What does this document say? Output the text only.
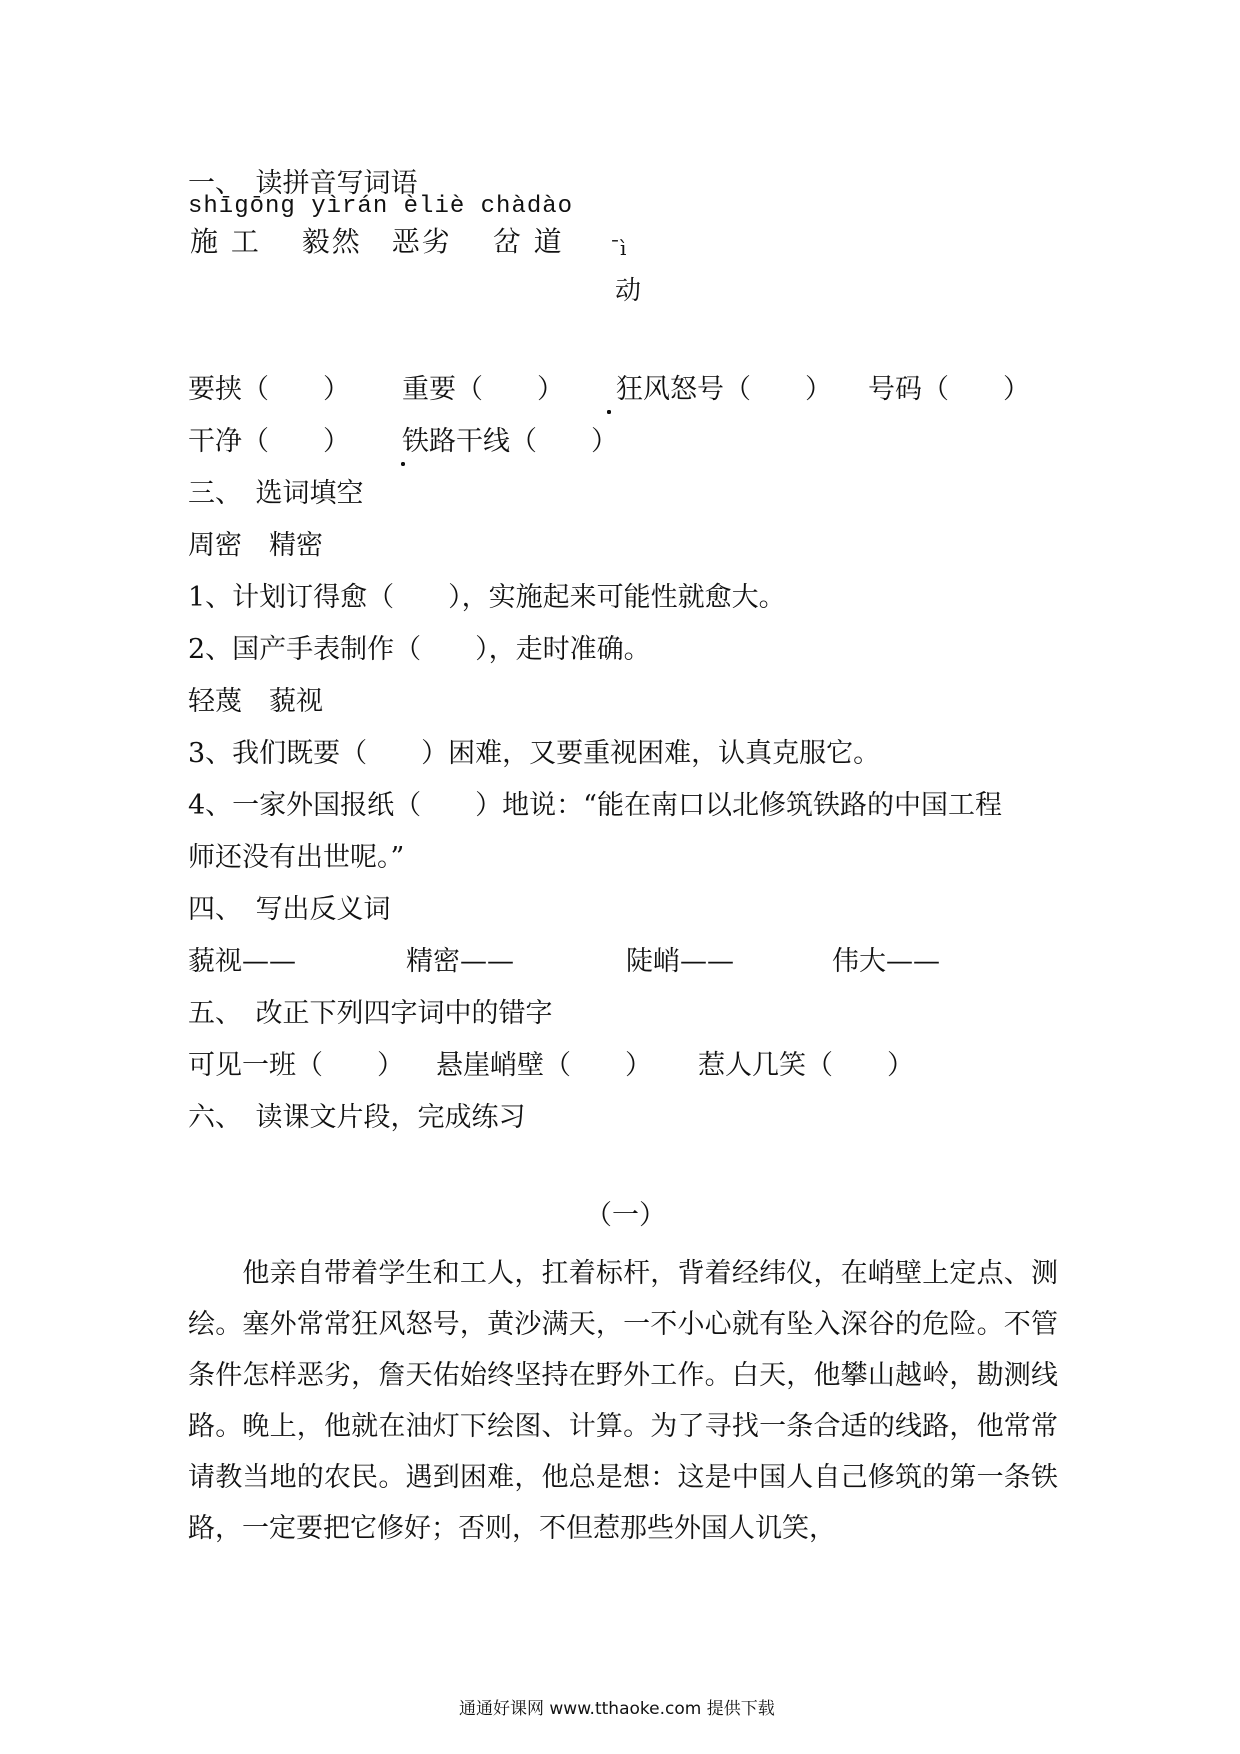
一、　读拼音写词语
shīgōng yìrán èliè chàdào
施 工　 毅然　恶劣　 岔 道 ˉì
动
要挟（　　） 重要（　　） 狂风怒号（　　） 号码（　　）
干净（　　） 铁路干线（　　）
三、　选词填空
周密　精密
1、计划订得愈（　　），实施起来可能性就愈大。
2、国产手表制作（　　），走时准确。
轻蔑　藐视
3、我们既要（　　）困难，又要重视困难，认真克服它。
4、一家外国报纸（　　）地说：“能在南口以北修筑铁路的中国工程
师还没有出世呢。”
四、　写出反义词
藐视——	精密——	陡峭——	伟大——
五、　改正下列四字词中的错字
可见一班（　　） 悬崖峭壁（　　） 惹人几笑（　　）
六、　读课文片段，完成练习
（一）
　　他亲自带着学生和工人，扛着标杆，背着经纬仪，在峭壁上定点、测绘。塞外常常狂风怒号，黄沙满天，一不小心就有坠入深谷的危险。不管条件怎样恶劣，詹天佑始终坚持在野外工作。白天，他攀山越岭，勘测线路。晚上，他就在油灯下绘图、计算。为了寻找一条合适的线路，他常常请教当地的农民。遇到困难，他总是想：这是中国人自己修筑的第一条铁路，一定要把它修好；否则，不但惹那些外国人讥笑，
通通好课网 www.tthaoke.com 提供下载
